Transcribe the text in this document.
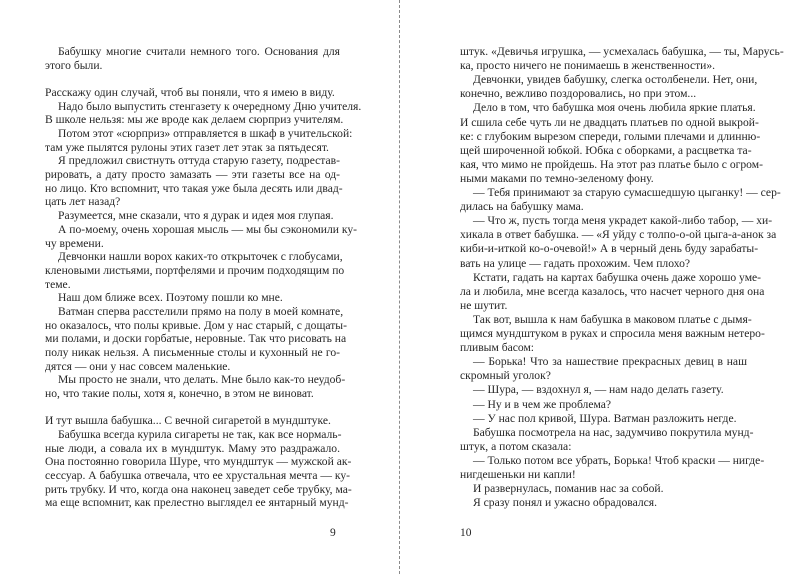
9
Бабушку многие считали немного того. Основания для
этого были.
Расскажу один случай, чтоб вы поняли, что я имею в виду.
Надо было выпустить стенгазету к очередному Дню учителя.
В школе нельзя: мы же вроде как делаем сюрприз учителям.
Потом этот «сюрприз» отправляется в шкаф в учительской:
там уже пылятся рулоны этих газет лет этак за пятьдесят.
Я предложил свистнуть оттуда старую газету, подрестав-
рировать, а дату просто замазать — эти газеты все на од-
но лицо. Кто вспомнит, что такая уже была десять или двад-
цать лет назад?
Разумеется, мне сказали, что я дурак и идея моя глупая.
А по-моему, очень хорошая мысль — мы бы сэкономили ку-
чу времени.
Девчонки нашли ворох каких-то открыточек с глобусами,
кленовыми листьями, портфелями и прочим подходящим по
теме.
Наш дом ближе всех. Поэтому пошли ко мне.
Ватман сперва расстелили прямо на полу в моей комнате,
но оказалось, что полы кривые. Дом у нас старый, с дощаты-
ми полами, и доски горбатые, неровные. Так что рисовать на
полу никак нельзя. А письменные столы и кухонный не го-
дятся — они у нас совсем маленькие.
Мы просто не знали, что делать. Мне было как-то неудоб-
но, что такие полы, хотя я, конечно, в этом не виноват.
И тут вышла бабушка... С вечной сигаретой в мундштуке.
Бабушка всегда курила сигареты не так, как все нормаль-
ные люди, а совала их в мундштук. Маму это раздражало.
Она постоянно говорила Шуре, что мундштук — мужской ак-
сессуар. А бабушка отвечала, что ее хрустальная мечта — ку-
рить трубку. И что, когда она наконец заведет себе трубку, ма-
ма еще вспомнит, как прелестно выглядел ее янтарный мунд-
10
штук. «Девичья игрушка, — усмехалась бабушка, — ты, Марусь-
ка, просто ничего не понимаешь в женственности».
Девчонки, увидев бабушку, слегка остолбенели. Нет, они,
конечно, вежливо поздоровались, но при этом...
Дело в том, что бабушка моя очень любила яркие платья.
И сшила себе чуть ли не двадцать платьев по одной выкрой-
ке: с глубоким вырезом спереди, голыми плечами и длинню-
щей широченной юбкой. Юбка с оборками, а расцветка та-
кая, что мимо не пройдешь. На этот раз платье было с огром-
ными маками по темно-зеленому фону.
— Тебя принимают за старую сумасшедшую цыганку! — сер-
дилась на бабушку мама.
— Что ж, пусть тогда меня украдет какой-либо табор, — хи-
хикала в ответ бабушка. — «Я уйду с толпо-о-ой цыга-а-анок за
киби-и-иткой ко-о-очевой!» А в черный день буду зарабаты-
вать на улице — гадать прохожим. Чем плохо?
Кстати, гадать на картах бабушка очень даже хорошо уме-
ла и любила, мне всегда казалось, что насчет черного дня она
не шутит.
Так вот, вышла к нам бабушка в маковом платье с дымя-
щимся мундштуком в руках и спросила меня важным нетеро-
пливым басом:
— Борька! Что за нашествие прекрасных девиц в наш
скромный уголок?
— Шура, — вздохнул я, — нам надо делать газету.
— Ну и в чем же проблема?
— У нас пол кривой, Шура. Ватман разложить негде.
Бабушка посмотрела на нас, задумчиво покрутила мунд-
штук, а потом сказала:
— Только потом все убрать, Борька! Чтоб краски — нигде-
нигдешеньки ни капли!
И развернулась, поманив нас за собой.
Я сразу понял и ужасно обрадовался.
